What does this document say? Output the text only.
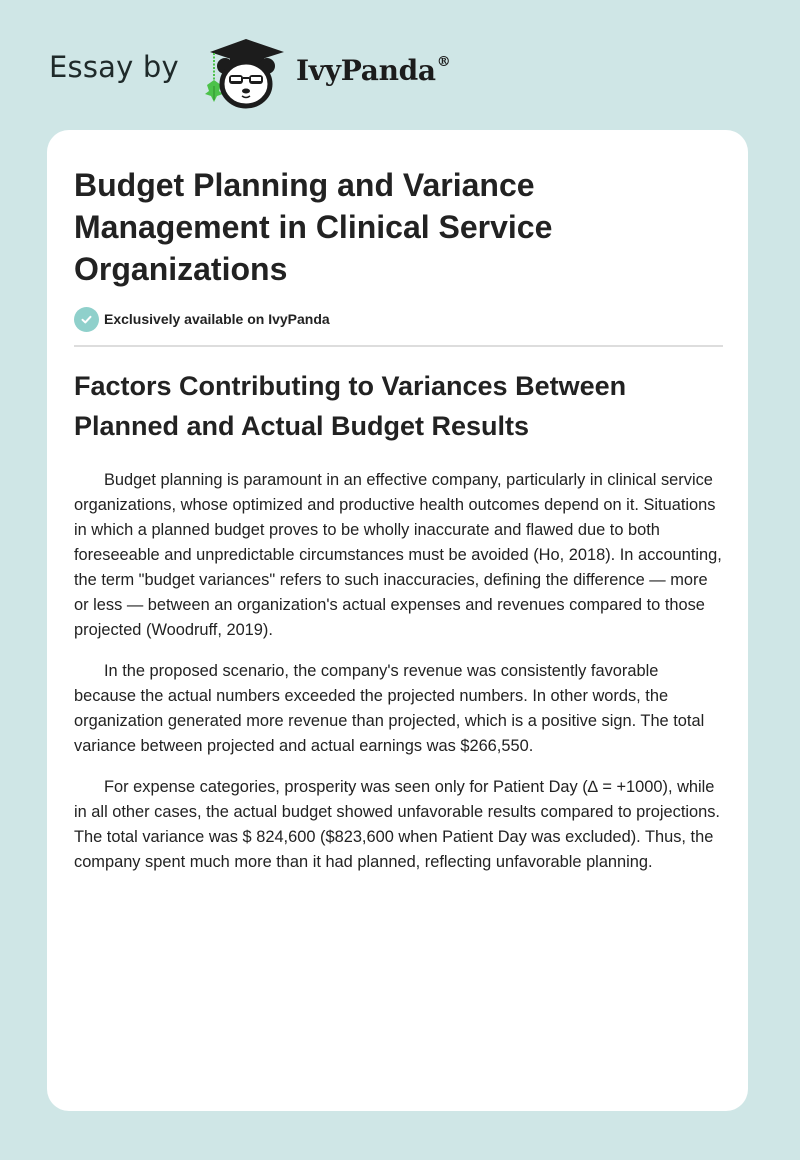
Essay by	IvyPanda®
Budget Planning and Variance Management in Clinical Service Organizations
Exclusively available on IvyPanda
Factors Contributing to Variances Between Planned and Actual Budget Results

Budget planning is paramount in an effective company, particularly in clinical service organizations, whose optimized and productive health outcomes depend on it. Situations in which a planned budget proves to be wholly inaccurate and flawed due to both foreseeable and unpredictable circumstances must be avoided (Ho, 2018). In accounting, the term "budget variances" refers to such inaccuracies, defining the difference — more or less — between an organization's actual expenses and revenues compared to those projected (Woodruff, 2019).

In the proposed scenario, the company's revenue was consistently favorable because the actual numbers exceeded the projected numbers. In other words, the organization generated more revenue than projected, which is a positive sign. The total variance between projected and actual earnings was $266,550.

For expense categories, prosperity was seen only for Patient Day (∆ = +1000), while in all other cases, the actual budget showed unfavorable results compared to projections. The total variance was $ 824,600 ($823,600 when Patient Day was excluded). Thus, the company spent much more than it had planned, reflecting unfavorable planning.
